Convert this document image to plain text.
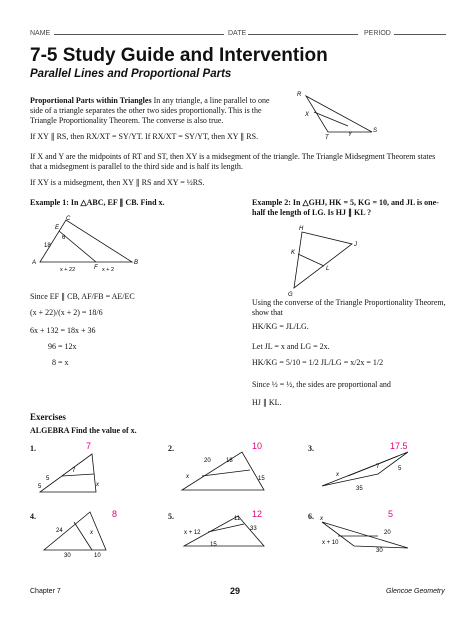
NAME	DATE	PERIOD
7-5 Study Guide and Intervention
Parallel Lines and Proportional Parts
Proportional Parts within Triangles In any triangle, a line parallel to one side of a triangle separates the other two sides proportionally. This is the Triangle Proportionality Theorem. The converse is also true.
If XY ∥ RS, then RX/XT = SY/YT. If RX/XT = SY/YT, then XY ∥ RS.
If X and Y are the midpoints of RT and ST, then XY is a midsegment of the triangle. The Triangle Midsegment Theorem states that a midsegment is parallel to the third side and is half its length.
If XY is a midsegment, then XY ∥ RS and XY = ½RS.
R
X
S
T	Y
Example 1: In △ABC, EF ∥ CB. Find x.
C
E
6
18
A	B
F
x + 22	x + 2
Since EF ∥ CB, AF/FB = AE/EC
(x + 22)/(x + 2) = 18/6
6x + 132 = 18x + 36
96 = 12x
8 = x
Example 2: In △GHJ, HK = 5, KG = 10, and JL is one-half the length of LG. Is HJ ∥ KL ?
H
J
K
L
G
Using the converse of the Triangle Proportionality Theorem, show that
HK/KG = JL/LG.
Let JL = x and LG = 2x.
HK/KG = 5/10 = 1/2 JL/LG = x/2x = 1/2
Since ½ = ½, the sides are proportional and
HJ ∥ KL.
Exercises
ALGEBRA Find the value of x.
1.	7
7
5
5	x
2.	10
20	18
x	15
3.	17.5
x
7	5
35
4.	8
24	x
30	10
5.	12
11
33
x + 12
15
6.	5
x
x + 10
30
20
Chapter 7	29	Glencoe Geometry
